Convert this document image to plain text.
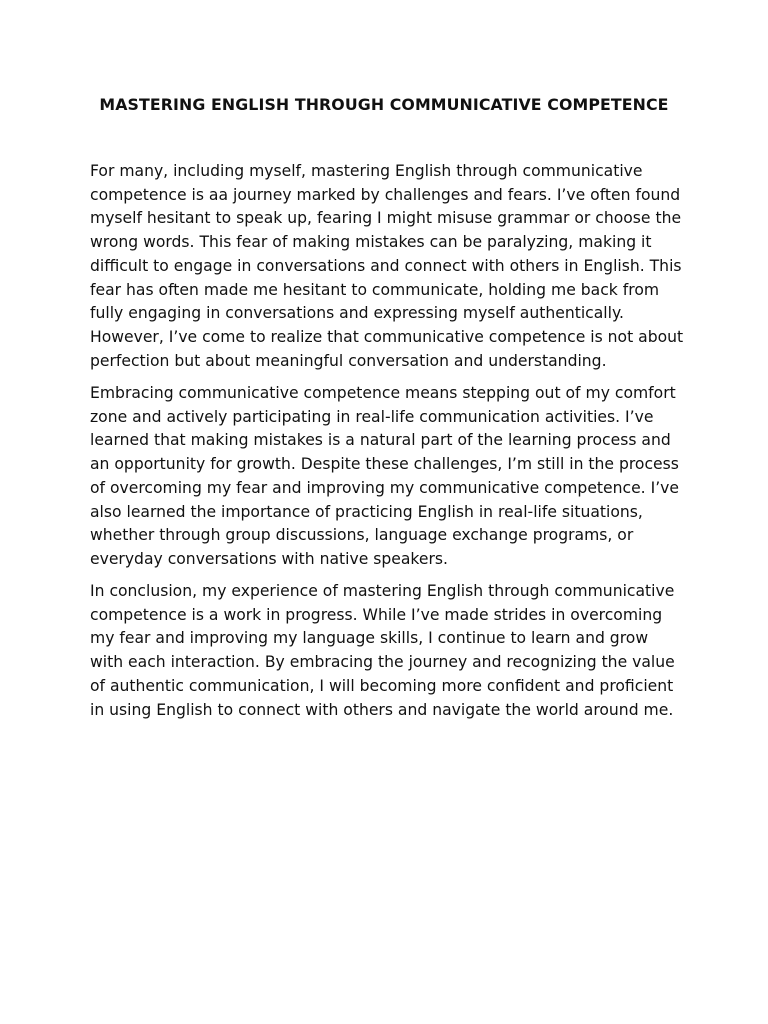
MASTERING ENGLISH THROUGH COMMUNICATIVE COMPETENCE

For many, including myself, mastering English through communicative
competence is aa journey marked by challenges and fears. I’ve often found
myself hesitant to speak up, fearing I might misuse grammar or choose the
wrong words. This fear of making mistakes can be paralyzing, making it
difficult to engage in conversations and connect with others in English. This
fear has often made me hesitant to communicate, holding me back from
fully engaging in conversations and expressing myself authentically.
However, I’ve come to realize that communicative competence is not about
perfection but about meaningful conversation and understanding.

Embracing communicative competence means stepping out of my comfort
zone and actively participating in real-life communication activities. I’ve
learned that making mistakes is a natural part of the learning process and
an opportunity for growth. Despite these challenges, I’m still in the process
of overcoming my fear and improving my communicative competence. I’ve
also learned the importance of practicing English in real-life situations,
whether through group discussions, language exchange programs, or
everyday conversations with native speakers.

In conclusion, my experience of mastering English through communicative
competence is a work in progress. While I’ve made strides in overcoming
my fear and improving my language skills, I continue to learn and grow
with each interaction. By embracing the journey and recognizing the value
of authentic communication, I will becoming more confident and proficient
in using English to connect with others and navigate the world around me.
